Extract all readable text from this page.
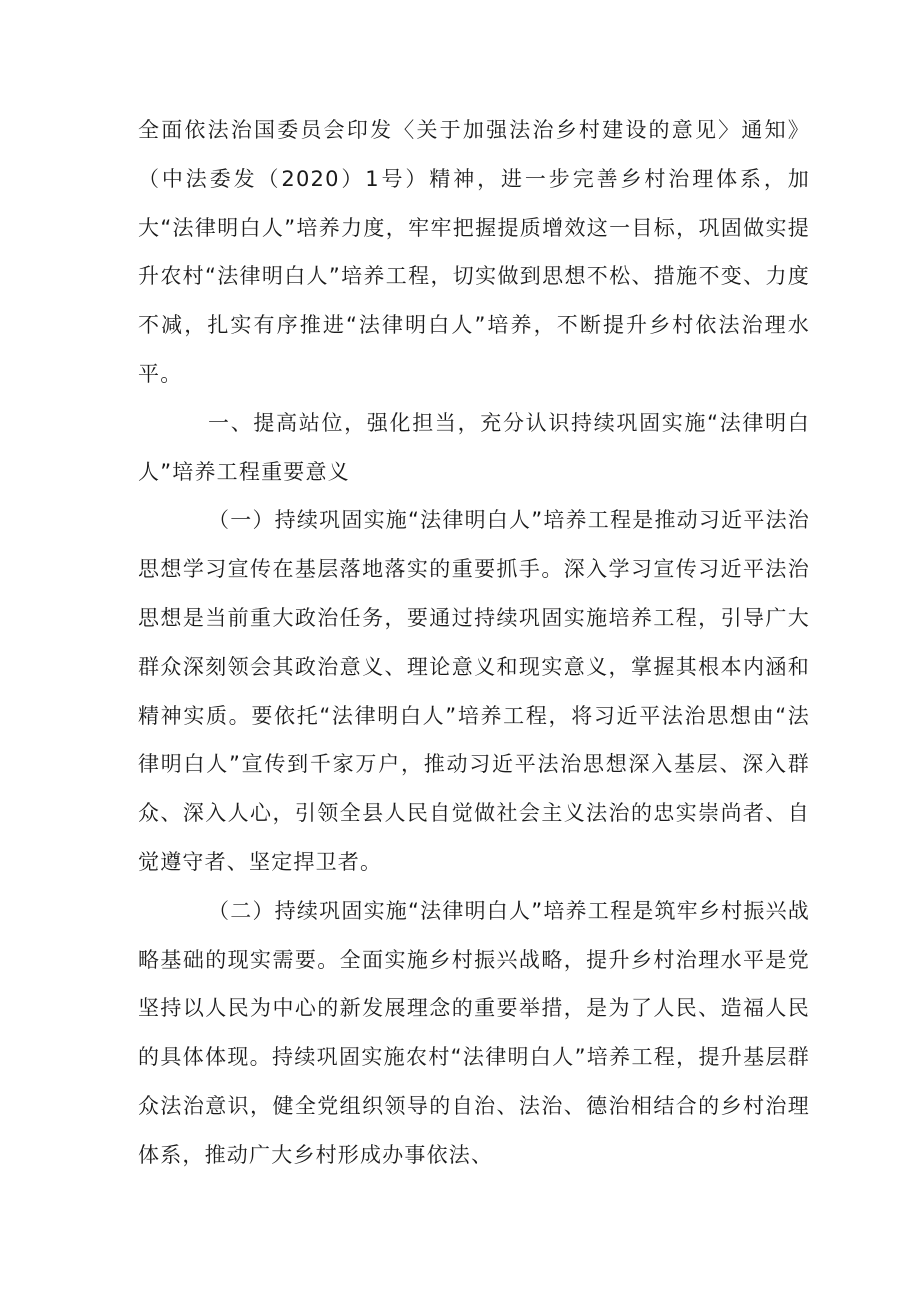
全面依法治国委员会印发〈关于加强法治乡村建设的意见〉通知》（中法委发（2020）1号）精神，进一步完善乡村治理体系，加大“法律明白人”培养力度，牢牢把握提质增效这一目标，巩固做实提升农村“法律明白人”培养工程，切实做到思想不松、措施不变、力度不减，扎实有序推进“法律明白人”培养，不断提升乡村依法治理水平。

一、提高站位，强化担当，充分认识持续巩固实施“法律明白人”培养工程重要意义

（一）持续巩固实施“法律明白人”培养工程是推动习近平法治思想学习宣传在基层落地落实的重要抓手。深入学习宣传习近平法治思想是当前重大政治任务，要通过持续巩固实施培养工程，引导广大群众深刻领会其政治意义、理论意义和现实意义，掌握其根本内涵和精神实质。要依托“法律明白人”培养工程，将习近平法治思想由“法律明白人”宣传到千家万户，推动习近平法治思想深入基层、深入群众、深入人心，引领全县人民自觉做社会主义法治的忠实崇尚者、自觉遵守者、坚定捍卫者。

（二）持续巩固实施“法律明白人”培养工程是筑牢乡村振兴战略基础的现实需要。全面实施乡村振兴战略，提升乡村治理水平是党坚持以人民为中心的新发展理念的重要举措，是为了人民、造福人民的具体体现。持续巩固实施农村“法律明白人”培养工程，提升基层群众法治意识，健全党组织领导的自治、法治、德治相结合的乡村治理体系，推动广大乡村形成办事依法、
